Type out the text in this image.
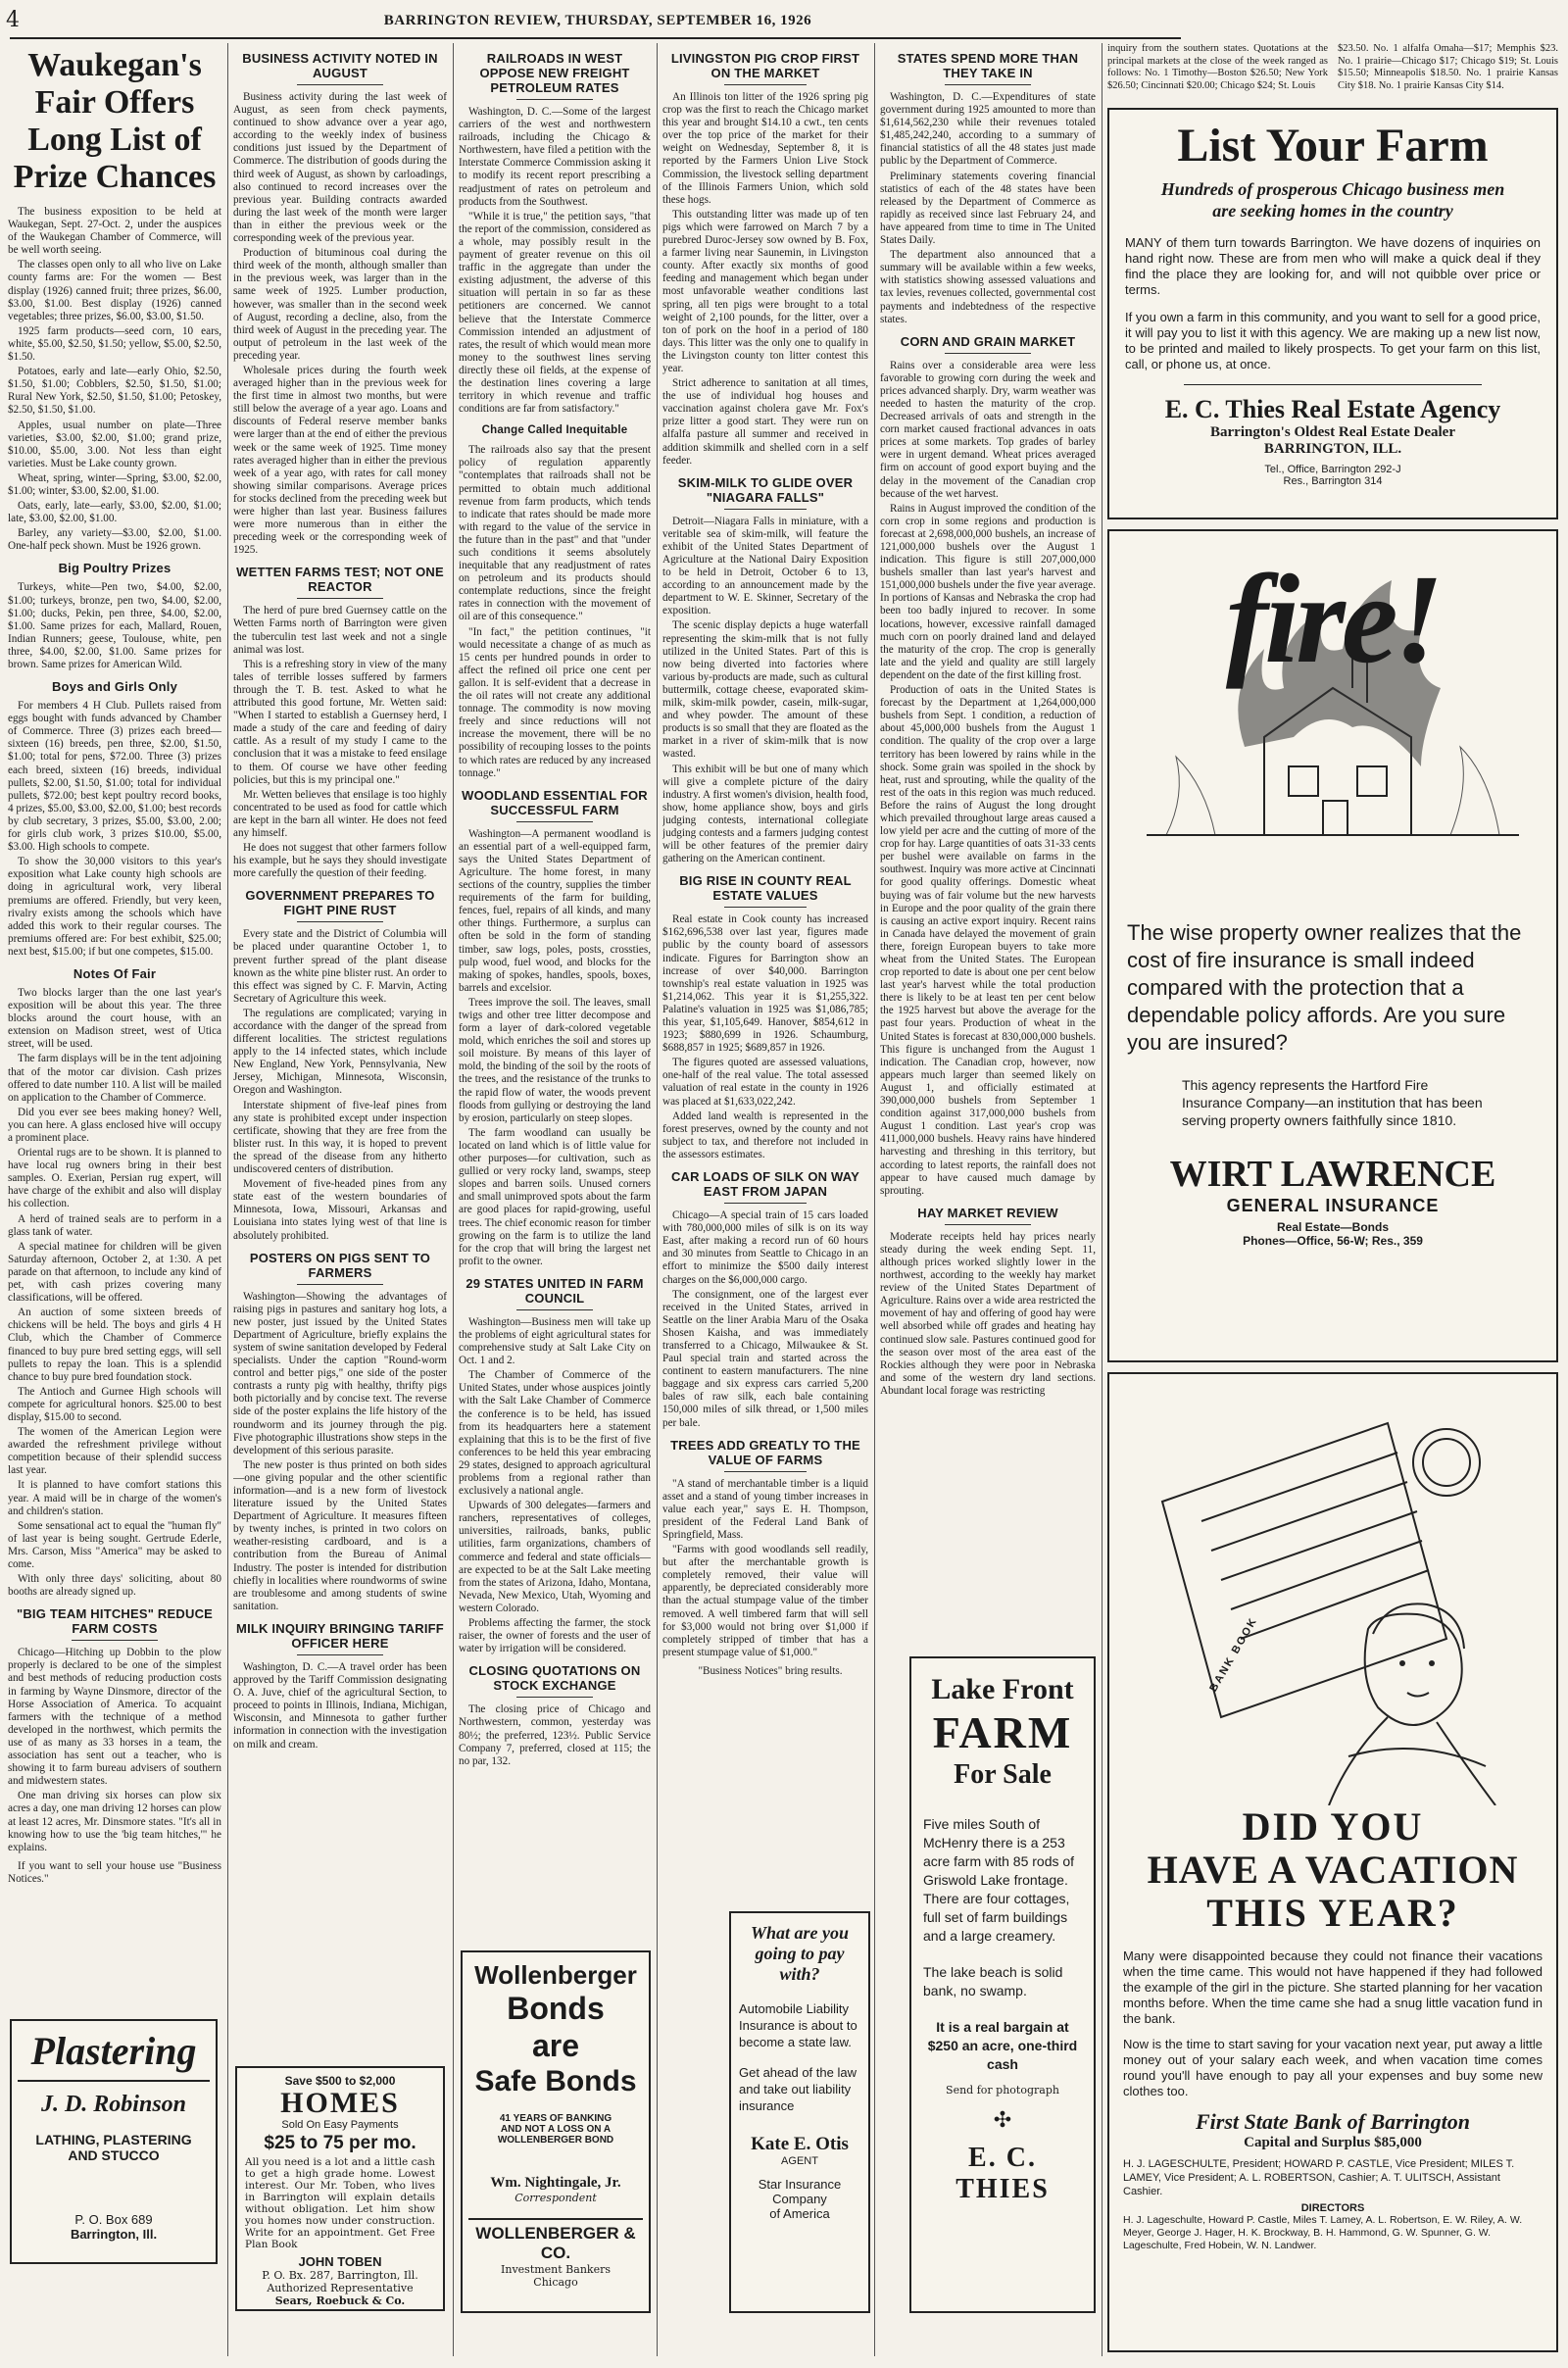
4	BARRINGTON REVIEW, THURSDAY, SEPTEMBER 16, 1926
Waukegan's Fair Offers Long List of Prize Chances
The business exposition to be held at Waukegan, Sept. 27-Oct. 2, under the auspices of the Waukegan Chamber of Commerce, will be well worth seeing.
The classes open only to all who live on Lake county farms are: For the women — Best display (1926) canned fruit; three prizes, $6.00, $3.00, $1.00. Best display (1926) canned vegetables; three prizes, $6.00, $3.00, $1.50.
1925 farm products—seed corn, 10 ears, white, $5.00, $2.50, $1.50; yellow, $5.00, $2.50, $1.50.
Potatoes, early and late—early Ohio, $2.50, $1.50, $1.00; Cobblers, $2.50, $1.50, $1.00; Rural New York, $2.50, $1.50, $1.00; Petoskey, $2.50, $1.50, $1.00.
Apples, usual number on plate—Three varieties, $3.00, $2.00, $1.00; grand prize, $10.00, $5.00, 3.00. Not less than eight varieties. Must be Lake county grown.
Wheat, spring, winter—Spring, $3.00, $2.00, $1.00; winter, $3.00, $2.00, $1.00.
Oats, early, late—early, $3.00, $2.00, $1.00; late, $3.00, $2.00, $1.00.
Barley, any variety—$3.00, $2.00, $1.00. One-half peck shown. Must be 1926 grown.
Big Poultry Prizes
Turkeys, white—Pen two, $4.00, $2.00, $1.00; turkeys, bronze, pen two, $4.00, $2.00, $1.00; ducks, Pekin, pen three, $4.00, $2.00, $1.00. Same prizes for each, Mallard, Rouen, Indian Runners; geese, Toulouse, white, pen three, $4.00, $2.00, $1.00. Same prizes for brown. Same prizes for American Wild.
Boys and Girls Only
For members 4 H Club. Pullets raised from eggs bought with funds advanced by Chamber of Commerce. Three (3) prizes each breed—sixteen (16) breeds, pen three, $2.00, $1.50, $1.00; total for pens, $72.00. Three (3) prizes each breed, sixteen (16) breeds, individual pullets, $2.00, $1.50, $1.00; total for individual pullets, $72.00; best kept poultry record books, 4 prizes, $5.00, $3.00, $2.00, $1.00; best records by club secretary, 3 prizes, $5.00, $3.00, 2.00; for girls club work, 3 prizes $10.00, $5.00, $3.00. High schools to compete.
To show the 30,000 visitors to this year's exposition what Lake county high schools are doing in agricultural work, very liberal premiums are offered. Friendly, but very keen, rivalry exists among the schools which have added this work to their regular courses. The premiums offered are: For best exhibit, $25.00; next best, $15.00; if but one competes, $15.00.
Notes Of Fair
Two blocks larger than the one last year's exposition will be about this year. The three blocks around the court house, with an extension on Madison street, west of Utica street, will be used.
The farm displays will be in the tent adjoining that of the motor car division. Cash prizes offered to date number 110. A list will be mailed on application to the Chamber of Commerce.
Did you ever see bees making honey? Well, you can here. A glass enclosed hive will occupy a prominent place.
Oriental rugs are to be shown. It is planned to have local rug owners bring in their best samples. O. Exerian, Persian rug expert, will have charge of the exhibit and also will display his collection.
A herd of trained seals are to perform in a glass tank of water.
A special matinee for children will be given Saturday afternoon, October 2, at 1:30. A pet parade on that afternoon, to include any kind of pet, with cash prizes covering many classifications, will be offered.
An auction of some sixteen breeds of chickens will be held. The boys and girls 4 H Club, which the Chamber of Commerce financed to buy pure bred setting eggs, will sell pullets to repay the loan. This is a splendid chance to buy pure bred foundation stock.
The Antioch and Gurnee High schools will compete for agricultural honors. $25.00 to best display, $15.00 to second.
The women of the American Legion were awarded the refreshment privilege without competition because of their splendid success last year.
It is planned to have comfort stations this year. A maid will be in charge of the women's and children's station.
Some sensational act to equal the "human fly" of last year is being sought. Gertrude Ederle, Mrs. Carson, Miss "America" may be asked to come.
With only three days' soliciting, about 80 booths are already signed up.
"BIG TEAM HITCHES" REDUCE FARM COSTS
Chicago—Hitching up Dobbin to the plow properly is declared to be one of the simplest and best methods of reducing production costs in farming by Wayne Dinsmore, director of the Horse Association of America. To acquaint farmers with the technique of a method developed in the northwest, which permits the use of as many as 33 horses in a team, the association has sent out a teacher, who is showing it to farm bureau advisers of southern and midwestern states.
One man driving six horses can plow six acres a day, one man driving 12 horses can plow at least 12 acres, Mr. Dinsmore states. "It's all in knowing how to use the 'big team hitches,'" he explains.
If you want to sell your house use "Business Notices."
Plastering
J. D. Robinson
LATHING, PLASTERING
AND STUCCO
P. O. Box 689
Barrington, Ill.
BUSINESS ACTIVITY NOTED IN AUGUST
Business activity during the last week of August, as seen from check payments, continued to show advance over a year ago, according to the weekly index of business conditions just issued by the Department of Commerce. The distribution of goods during the third week of August, as shown by carloadings, also continued to record increases over the previous year. Building contracts awarded during the last week of the month were larger than in either the previous week or the corresponding week of the previous year.
Production of bituminous coal during the third week of the month, although smaller than in the previous week, was larger than in the same week of 1925. Lumber production, however, was smaller than in the second week of August, recording a decline, also, from the third week of August in the preceding year. The output of petroleum in the last week of the preceding year.
Wholesale prices during the fourth week averaged higher than in the previous week for the first time in almost two months, but were still below the average of a year ago. Loans and discounts of Federal reserve member banks were larger than at the end of either the previous week or the same week of 1925. Time money rates averaged higher than in either the previous week of a year ago, with rates for call money showing similar comparisons. Average prices for stocks declined from the preceding week but were higher than last year. Business failures were more numerous than in either the preceding week or the corresponding week of 1925.
WETTEN FARMS TEST; NOT ONE REACTOR
The herd of pure bred Guernsey cattle on the Wetten Farms north of Barrington were given the tuberculin test last week and not a single animal was lost.
This is a refreshing story in view of the many tales of terrible losses suffered by farmers through the T. B. test. Asked to what he attributed this good fortune, Mr. Wetten said: "When I started to establish a Guernsey herd, I made a study of the care and feeding of dairy cattle. As a result of my study I came to the conclusion that it was a mistake to feed ensilage to them. Of course we have other feeding policies, but this is my principal one."
Mr. Wetten believes that ensilage is too highly concentrated to be used as food for cattle which are kept in the barn all winter. He does not feed any himself.
He does not suggest that other farmers follow his example, but he says they should investigate more carefully the question of their feeding.
GOVERNMENT PREPARES TO FIGHT PINE RUST
Every state and the District of Columbia will be placed under quarantine October 1, to prevent further spread of the plant disease known as the white pine blister rust. An order to this effect was signed by C. F. Marvin, Acting Secretary of Agriculture this week.
The regulations are complicated; varying in accordance with the danger of the spread from different localities. The strictest regulations apply to the 14 infected states, which include New England, New York, Pennsylvania, New Jersey, Michigan, Minnesota, Wisconsin, Oregon and Washington.
Interstate shipment of five-leaf pines from any state is prohibited except under inspection certificate, showing that they are free from the blister rust. In this way, it is hoped to prevent the spread of the disease from any hitherto undiscovered centers of distribution.
Movement of five-headed pines from any state east of the western boundaries of Minnesota, Iowa, Missouri, Arkansas and Louisiana into states lying west of that line is absolutely prohibited.
POSTERS ON PIGS SENT TO FARMERS
Washington—Showing the advantages of raising pigs in pastures and sanitary hog lots, a new poster, just issued by the United States Department of Agriculture, briefly explains the system of swine sanitation developed by Federal specialists. Under the caption "Round-worm control and better pigs," one side of the poster contrasts a runty pig with healthy, thrifty pigs both pictorially and by concise text. The reverse side of the poster explains the life history of the roundworm and its journey through the pig. Five photographic illustrations show steps in the development of this serious parasite.
The new poster is thus printed on both sides—one giving popular and the other scientific information—and is a new form of livestock literature issued by the United States Department of Agriculture. It measures fifteen by twenty inches, is printed in two colors on weather-resisting cardboard, and is a contribution from the Bureau of Animal Industry. The poster is intended for distribution chiefly in localities where roundworms of swine are troublesome and among students of swine sanitation.
MILK INQUIRY BRINGING TARIFF OFFICER HERE
Washington, D. C.—A travel order has been approved by the Tariff Commission designating O. A. Juve, chief of the agricultural Section, to proceed to points in Illinois, Indiana, Michigan, Wisconsin, and Minnesota to gather further information in connection with the investigation on milk and cream.
Save $500 to $2,000
HOMES
Sold On Easy Payments
$25 to 75 per mo.
All you need is a lot and a little cash to get a high grade home. Lowest interest. Our Mr. Toben, who lives in Barrington will explain details without obligation. Let him show you homes now under construction. Write for an appointment. Get Free Plan Book
JOHN TOBEN
P. O. Bx. 287, Barrington, Ill.
Authorized Representative
Sears, Roebuck & Co.
RAILROADS IN WEST OPPOSE NEW FREIGHT PETROLEUM RATES
Washington, D. C.—Some of the largest carriers of the west and northwestern railroads, including the Chicago & Northwestern, have filed a petition with the Interstate Commerce Commission asking it to modify its recent report prescribing a readjustment of rates on petroleum and products from the Southwest.
"While it is true," the petition says, "that the report of the commission, considered as a whole, may possibly result in the payment of greater revenue on this oil traffic in the aggregate than under the existing adjustment, the adverse of this situation will pertain in so far as these petitioners are concerned. We cannot believe that the Interstate Commerce Commission intended an adjustment of rates, the result of which would mean more money to the southwest lines serving directly these oil fields, at the expense of the destination lines covering a large territory in which revenue and traffic conditions are far from satisfactory."
Change Called Inequitable
The railroads also say that the present policy of regulation apparently "contemplates that railroads shall not be permitted to obtain much additional revenue from farm products, which tends to indicate that rates should be made more with regard to the value of the service in the future than in the past" and that "under such conditions it seems absolutely inequitable that any readjustment of rates on petroleum and its products should contemplate reductions, since the freight rates in connection with the movement of oil are of this consequence."
"In fact," the petition continues, "it would necessitate a change of as much as 15 cents per hundred pounds in order to affect the refined oil price one cent per gallon. It is self-evident that a decrease in the oil rates will not create any additional tonnage. The commodity is now moving freely and since reductions will not increase the movement, there will be no possibility of recouping losses to the points to which rates are reduced by any increased tonnage."
WOODLAND ESSENTIAL FOR SUCCESSFUL FARM
Washington—A permanent woodland is an essential part of a well-equipped farm, says the United States Department of Agriculture. The home forest, in many sections of the country, supplies the timber requirements of the farm for building, fences, fuel, repairs of all kinds, and many other things. Furthermore, a surplus can often be sold in the form of standing timber, saw logs, poles, posts, crossties, pulp wood, fuel wood, and blocks for the making of spokes, handles, spools, boxes, barrels and excelsior.
Trees improve the soil. The leaves, small twigs and other tree litter decompose and form a layer of dark-colored vegetable mold, which enriches the soil and stores up soil moisture. By means of this layer of mold, the binding of the soil by the roots of the trees, and the resistance of the trunks to the rapid flow of water, the woods prevent floods from gullying or destroying the land by erosion, particularly on steep slopes.
The farm woodland can usually be located on land which is of little value for other purposes—for cultivation, such as gullied or very rocky land, swamps, steep slopes and barren soils. Unused corners and small unimproved spots about the farm are good places for rapid-growing, useful trees. The chief economic reason for timber growing on the farm is to utilize the land for the crop that will bring the largest net profit to the owner.
29 STATES UNITED IN FARM COUNCIL
Washington—Business men will take up the problems of eight agricultural states for comprehensive study at Salt Lake City on Oct. 1 and 2.
The Chamber of Commerce of the United States, under whose auspices jointly with the Salt Lake Chamber of Commerce the conference is to be held, has issued from its headquarters here a statement explaining that this is to be the first of five conferences to be held this year embracing 29 states, designed to approach agricultural problems from a regional rather than exclusively a national angle.
Upwards of 300 delegates—farmers and ranchers, representatives of colleges, universities, railroads, banks, public utilities, farm organizations, chambers of commerce and federal and state officials—are expected to be at the Salt Lake meeting from the states of Arizona, Idaho, Montana, Nevada, New Mexico, Utah, Wyoming and western Colorado.
Problems affecting the farmer, the stock raiser, the owner of forests and the user of water by irrigation will be considered.
CLOSING QUOTATIONS ON STOCK EXCHANGE
The closing price of Chicago and Northwestern, common, yesterday was 80½; the preferred, 123½. Public Service Company 7, preferred, closed at 115; the no par, 132.
Wollenberger
Bonds
are
Safe Bonds
41 YEARS OF BANKING
AND NOT A LOSS ON A
WOLLENBERGER BOND
Wm. Nightingale, Jr.
Correspondent
WOLLENBERGER & CO.
Investment Bankers
Chicago
LIVINGSTON PIG CROP FIRST ON THE MARKET
An Illinois ton litter of the 1926 spring pig crop was the first to reach the Chicago market this year and brought $14.10 a cwt., ten cents over the top price of the market for their weight on Wednesday, September 8, it is reported by the Farmers Union Live Stock Commission, the livestock selling department of the Illinois Farmers Union, which sold these hogs.
This outstanding litter was made up of ten pigs which were farrowed on March 7 by a purebred Duroc-Jersey sow owned by B. Fox, a farmer living near Saunemin, in Livingston county. After exactly six months of good feeding and management which began under most unfavorable weather conditions last spring, all ten pigs were brought to a total weight of 2,100 pounds, for the litter, over a ton of pork on the hoof in a period of 180 days. This litter was the only one to qualify in the Livingston county ton litter contest this year.
Strict adherence to sanitation at all times, the use of individual hog houses and vaccination against cholera gave Mr. Fox's prize litter a good start. They were run on alfalfa pasture all summer and received in addition skimmilk and shelled corn in a self feeder.
SKIM-MILK TO GLIDE OVER "NIAGARA FALLS"
Detroit—Niagara Falls in miniature, with a veritable sea of skim-milk, will feature the exhibit of the United States Department of Agriculture at the National Dairy Exposition to be held in Detroit, October 6 to 13, according to an announcement made by the department to W. E. Skinner, Secretary of the exposition.
The scenic display depicts a huge waterfall representing the skim-milk that is not fully utilized in the United States. Part of this is now being diverted into factories where various by-products are made, such as cultural buttermilk, cottage cheese, evaporated skim-milk, skim-milk powder, casein, milk-sugar, and whey powder. The amount of these products is so small that they are floated as the market in a river of skim-milk that is now wasted.
This exhibit will be but one of many which will give a complete picture of the dairy industry. A first women's division, health food, show, home appliance show, boys and girls judging contests, international collegiate judging contests and a farmers judging contest will be other features of the premier dairy gathering on the American continent.
BIG RISE IN COUNTY REAL ESTATE VALUES
Real estate in Cook county has increased $162,696,538 over last year, figures made public by the county board of assessors indicate. Figures for Barrington show an increase of over $40,000. Barrington township's real estate valuation in 1925 was $1,214,062. This year it is $1,255,322. Palatine's valuation in 1925 was $1,086,785; this year, $1,105,649. Hanover, $854,612 in 1923; $880,699 in 1926. Schaumburg, $688,857 in 1925; $689,857 in 1926.
The figures quoted are assessed valuations, one-half of the real value. The total assessed valuation of real estate in the county in 1926 was placed at $1,633,022,242.
Added land wealth is represented in the forest preserves, owned by the county and not subject to tax, and therefore not included in the assessors estimates.
CAR LOADS OF SILK ON WAY EAST FROM JAPAN
Chicago—A special train of 15 cars loaded with 780,000,000 miles of silk is on its way East, after making a record run of 60 hours and 30 minutes from Seattle to Chicago in an effort to minimize the $500 daily interest charges on the $6,000,000 cargo.
The consignment, one of the largest ever received in the United States, arrived in Seattle on the liner Arabia Maru of the Osaka Shosen Kaisha, and was immediately transferred to a Chicago, Milwaukee & St. Paul special train and started across the continent to eastern manufacturers. The nine baggage and six express cars carried 5,200 bales of raw silk, each bale containing 150,000 miles of silk thread, or 1,500 miles per bale.
TREES ADD GREATLY TO THE VALUE OF FARMS
"A stand of merchantable timber is a liquid asset and a stand of young timber increases in value each year," says E. H. Thompson, president of the Federal Land Bank of Springfield, Mass.
"Farms with good woodlands sell readily, but after the merchantable growth is completely removed, their value will apparently, be depreciated considerably more than the actual stumpage value of the timber removed. A well timbered farm that will sell for $3,000 would not bring over $1,000 if completely stripped of timber that has a present stumpage value of $1,000."
"Business Notices" bring results.
What are you
going to pay
with?
Automobile Liability Insurance is about to become a state law.
Get ahead of the law and take out liability insurance
Kate E. Otis
AGENT
Star Insurance
Company
of America
STATES SPEND MORE THAN THEY TAKE IN
Washington, D. C.—Expenditures of state government during 1925 amounted to more than $1,614,562,230 while their revenues totaled $1,485,242,240, according to a summary of financial statistics of all the 48 states just made public by the Department of Commerce.
Preliminary statements covering financial statistics of each of the 48 states have been released by the Department of Commerce as rapidly as received since last February 24, and have appeared from time to time in The United States Daily.
The department also announced that a summary will be available within a few weeks, with statistics showing assessed valuations and tax levies, revenues collected, governmental cost payments and indebtedness of the respective states.
CORN AND GRAIN MARKET
Rains over a considerable area were less favorable to growing corn during the week and prices advanced sharply. Dry, warm weather was needed to hasten the maturity of the crop. Decreased arrivals of oats and strength in the corn market caused fractional advances in oats prices at some markets. Top grades of barley were in urgent demand. Wheat prices averaged firm on account of good export buying and the delay in the movement of the Canadian crop because of the wet harvest.
Rains in August improved the condition of the corn crop in some regions and production is forecast at 2,698,000,000 bushels, an increase of 121,000,000 bushels over the August 1 indication. This figure is still 207,000,000 bushels smaller than last year's harvest and 151,000,000 bushels under the five year average. In portions of Kansas and Nebraska the crop had been too badly injured to recover. In some locations, however, excessive rainfall damaged much corn on poorly drained land and delayed the maturity of the crop. The crop is generally late and the yield and quality are still largely dependent on the date of the first killing frost.
Production of oats in the United States is forecast by the Department at 1,264,000,000 bushels from Sept. 1 condition, a reduction of about 45,000,000 bushels from the August 1 condition. The quality of the crop over a large territory has been lowered by rains while in the shock. Some grain was spoiled in the shock by heat, rust and sprouting, while the quality of the rest of the oats in this region was much reduced. Before the rains of August the long drought which prevailed throughout large areas caused a low yield per acre and the cutting of more of the crop for hay. Large quantities of oats 31-33 cents per bushel were available on farms in the southwest. Inquiry was more active at Cincinnati for good quality offerings. Domestic wheat buying was of fair volume but the new harvests in Europe and the poor quality of the grain there is causing an active export inquiry. Recent rains in Canada have delayed the movement of grain there, foreign European buyers to take more wheat from the United States. The European crop reported to date is about one per cent below last year's harvest while the total production there is likely to be at least ten per cent below the 1925 harvest but above the average for the past four years. Production of wheat in the United States is forecast at 830,000,000 bushels. This figure is unchanged from the August 1 indication. The Canadian crop, however, now appears much larger than seemed likely on August 1, and officially estimated at 390,000,000 bushels from September 1 condition against 317,000,000 bushels from August 1 condition. Last year's crop was 411,000,000 bushels. Heavy rains have hindered harvesting and threshing in this territory, but according to latest reports, the rainfall does not appear to have caused much damage by sprouting.
HAY MARKET REVIEW
Moderate receipts held hay prices nearly steady during the week ending Sept. 11, although prices worked slightly lower in the northwest, according to the weekly hay market review of the United States Department of Agriculture. Rains over a wide area restricted the movement of hay and offering of good hay were well absorbed while off grades and heating hay continued slow sale. Pastures continued good for the season over most of the area east of the Rockies although they were poor in Nebraska and some of the western dry land sections. Abundant local forage was restricting
Lake Front
FARM
For Sale
Five miles South of McHenry there is a 253 acre farm with 85 rods of Griswold Lake frontage. There are four cottages, full set of farm buildings and a large creamery.
The lake beach is solid bank, no swamp.
It is a real bargain at $250 an acre, one-third cash
Send for photograph
✣
E. C. THIES
inquiry from the southern states. Quotations at the principal markets at the close of the week ranged as follows: No. 1 Timothy—Boston $26.50; New York $26.50; Cincinnati $20.00; Chicago $24; St. Louis
$23.50. No. 1 alfalfa Omaha—$17; Memphis $23. No. 1 prairie—Chicago $17; Chicago $19; St. Louis $15.50; Minneapolis $18.50. No. 1 prairie Kansas City $18. No. 1 prairie Kansas City $14.
List Your Farm
Hundreds of prosperous Chicago business men are seeking homes in the country
MANY of them turn towards Barrington. We have dozens of inquiries on hand right now. These are from men who will make a quick deal if they find the place they are looking for, and will not quibble over price or terms.
If you own a farm in this community, and you want to sell for a good price, it will pay you to list it with this agency. We are making up a new list now, to be printed and mailed to likely prospects. To get your farm on this list, call, or phone us, at once.
E. C. Thies Real Estate Agency
Barrington's Oldest Real Estate Dealer
BARRINGTON, ILL.
Tel., Office, Barrington 292-J
Res., Barrington 314
fire!
The wise property owner realizes that the cost of fire insurance is small indeed compared with the protection that a dependable policy affords. Are you sure you are insured?
This agency represents the Hartford Fire Insurance Company—an institution that has been serving property owners faithfully since 1810.
WIRT LAWRENCE
GENERAL INSURANCE
Real Estate—Bonds
Phones—Office, 56-W; Res., 359
BANK BOOK
DID YOU
HAVE A VACATION
THIS YEAR?
Many were disappointed because they could not finance their vacations when the time came. This would not have happened if they had followed the example of the girl in the picture. She started planning for her vacation months before. When the time came she had a snug little vacation fund in the bank.
Now is the time to start saving for your vacation next year, put away a little money out of your salary each week, and when vacation time comes round you'll have enough to pay all your expenses and buy some new clothes too.
First State Bank of Barrington
Capital and Surplus $85,000
H. J. LAGESCHULTE, President; HOWARD P. CASTLE, Vice President; MILES T. LAMEY, Vice President; A. L. ROBERTSON, Cashier; A. T. ULITSCH, Assistant Cashier.
DIRECTORS
H. J. Lageschulte, Howard P. Castle, Miles T. Lamey, A. L. Robertson, E. W. Riley, A. W. Meyer, George J. Hager, H. K. Brockway, B. H. Hammond, G. W. Spunner, G. W. Lageschulte, Fred Hobein, W. N. Landwer.
